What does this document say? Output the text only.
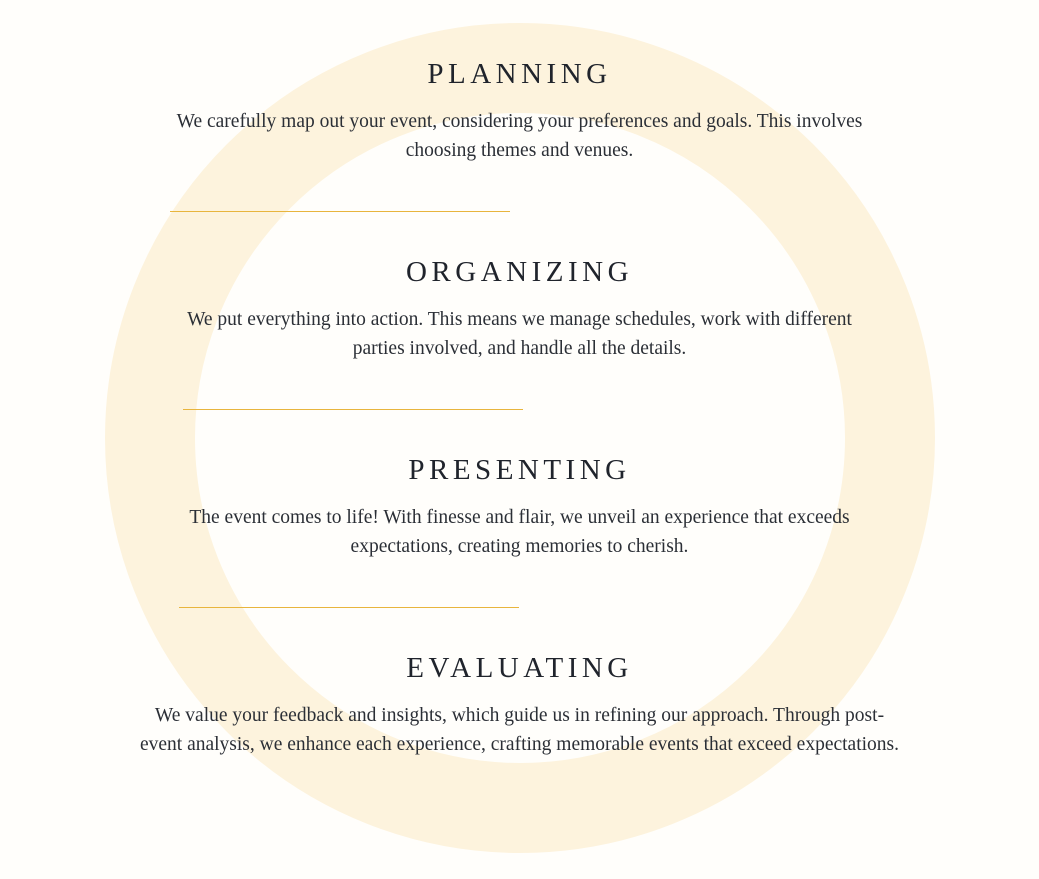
PLANNING

We carefully map out your event, considering your preferences and goals. This involves choosing themes and venues.

ORGANIZING

We put everything into action. This means we manage schedules, work with different parties involved, and handle all the details.

PRESENTING

The event comes to life! With finesse and flair, we unveil an experience that exceeds expectations, creating memories to cherish.

EVALUATING

We value your feedback and insights, which guide us in refining our approach. Through post-event analysis, we enhance each experience, crafting memorable events that exceed expectations.
